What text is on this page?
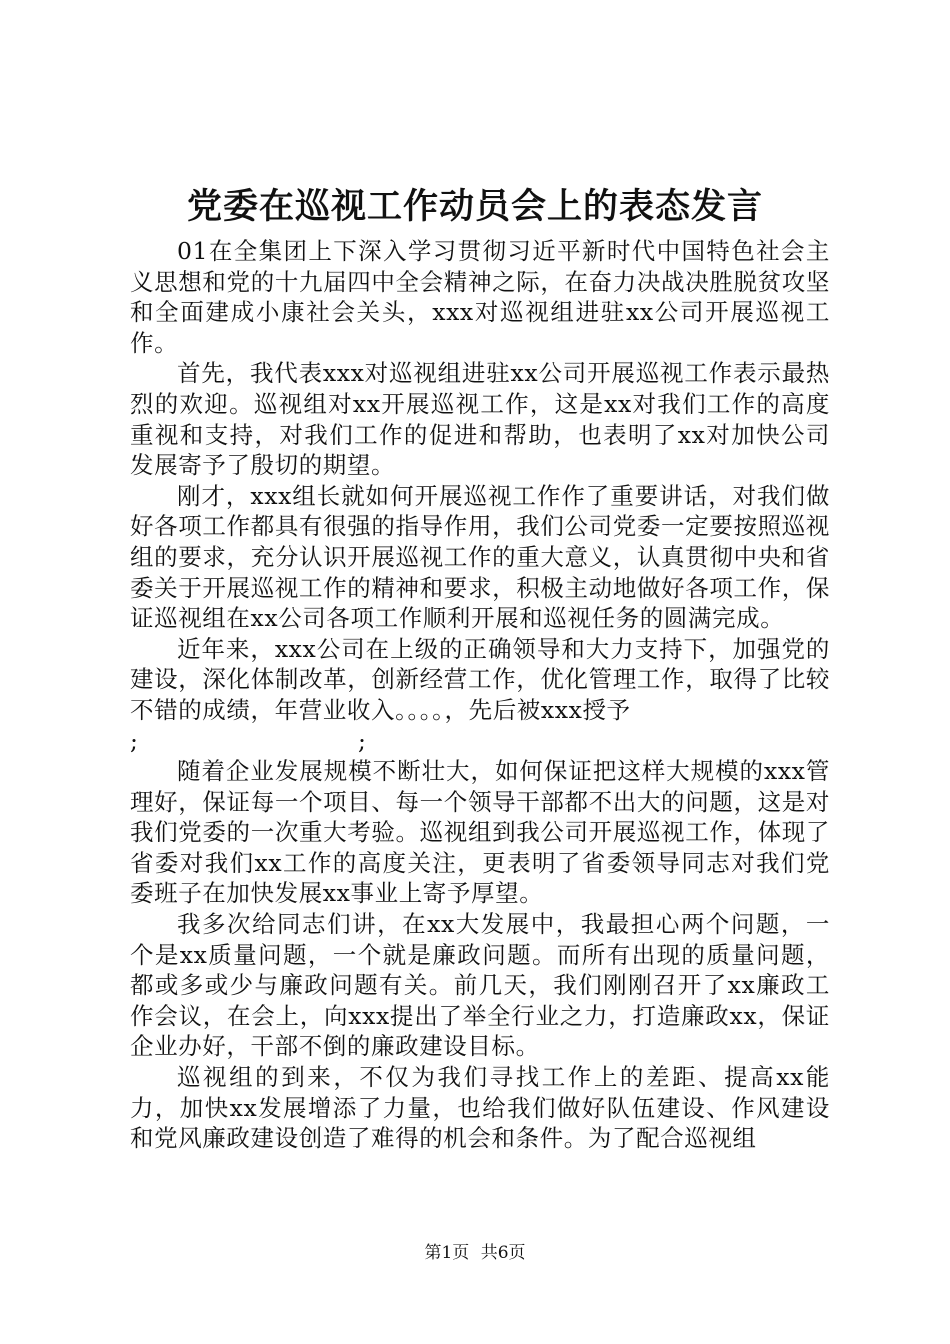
党委在巡视工作动员会上的表态发言

01在全集团上下深入学习贯彻习近平新时代中国特色社会主义思想和党的十九届四中全会精神之际，在奋力决战决胜脱贫攻坚和全面建成小康社会关头，xxx对巡视组进驻xx公司开展巡视工作。

首先，我代表xxx对巡视组进驻xx公司开展巡视工作表示最热烈的欢迎。巡视组对xx开展巡视工作，这是xx对我们工作的高度重视和支持，对我们工作的促进和帮助，也表明了xx对加快公司发展寄予了殷切的期望。

刚才，xxx组长就如何开展巡视工作作了重要讲话，对我们做好各项工作都具有很强的指导作用，我们公司党委一定要按照巡视组的要求，充分认识开展巡视工作的重大意义，认真贯彻中央和省委关于开展巡视工作的精神和要求，积极主动地做好各项工作，保证巡视组在xx公司各项工作顺利开展和巡视任务的圆满完成。

近年来，xxx公司在上级的正确领导和大力支持下，加强党的建设，深化体制改革，创新经营工作，优化管理工作，取得了比较不错的成绩，年营业收入。。。。，先后被xxx授予

;	;

随着企业发展规模不断壮大，如何保证把这样大规模的xxx管理好，保证每一个项目、每一个领导干部都不出大的问题，这是对我们党委的一次重大考验。巡视组到我公司开展巡视工作，体现了省委对我们xx工作的高度关注，更表明了省委领导同志对我们党委班子在加快发展xx事业上寄予厚望。

我多次给同志们讲，在xx大发展中，我最担心两个问题，一个是xx质量问题，一个就是廉政问题。而所有出现的质量问题，都或多或少与廉政问题有关。前几天，我们刚刚召开了xx廉政工作会议，在会上，向xxx提出了举全行业之力，打造廉政xx，保证企业办好，干部不倒的廉政建设目标。

巡视组的到来，不仅为我们寻找工作上的差距、提高xx能力，加快xx发展增添了力量，也给我们做好队伍建设、作风建设和党风廉政建设创造了难得的机会和条件。为了配合巡视组

第1页 共6页
